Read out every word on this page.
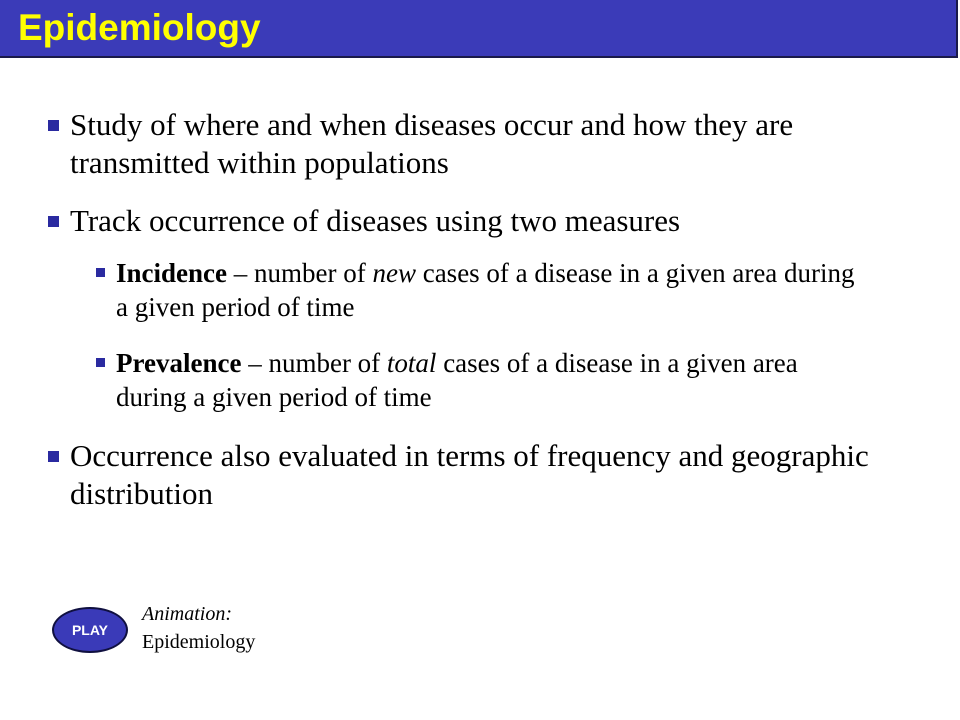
Epidemiology
Study of where and when diseases occur and how they are transmitted within populations
Track occurrence of diseases using two measures
Incidence – number of new cases of a disease in a given area during a given period of time
Prevalence – number of total cases of a disease in a given area during a given period of time
Occurrence also evaluated in terms of frequency and geographic distribution
PLAY
Animation:
Epidemiology
